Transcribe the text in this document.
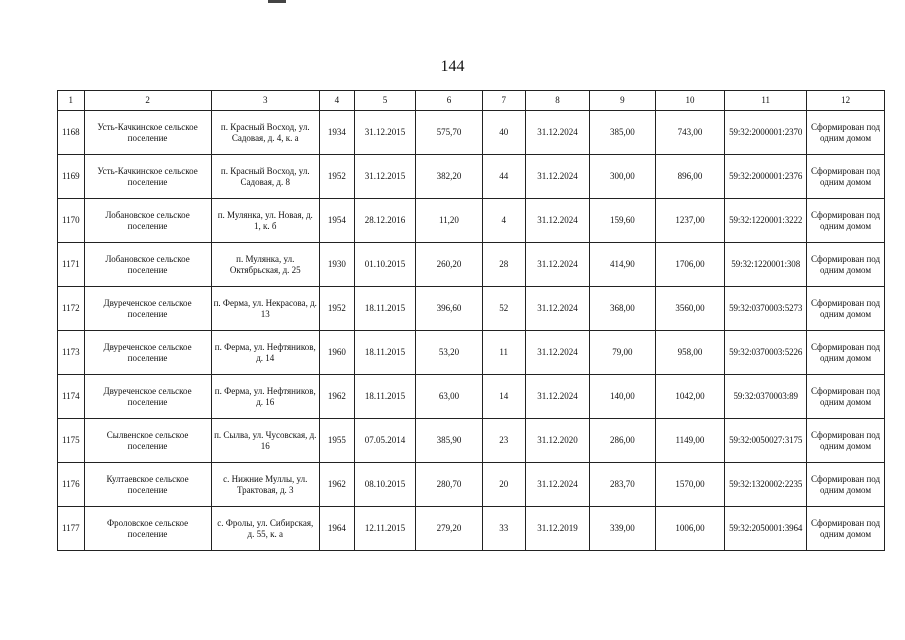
144
1	2	3	4	5	6	7	8	9	10	11	12
1168	Усть-Качкинское сельское поселение	п. Красный Восход, ул. Садовая, д. 4, к. а	1934	31.12.2015	575,70	40	31.12.2024	385,00	743,00	59:32:2000001:2370	Сформирован под одним домом
1169	Усть-Качкинское сельское поселение	п. Красный Восход, ул. Садовая, д. 8	1952	31.12.2015	382,20	44	31.12.2024	300,00	896,00	59:32:2000001:2376	Сформирован под одним домом
1170	Лобановское сельское поселение	п. Мулянка, ул. Новая, д. 1, к. б	1954	28.12.2016	11,20	4	31.12.2024	159,60	1237,00	59:32:1220001:3222	Сформирован под одним домом
1171	Лобановское сельское поселение	п. Мулянка, ул. Октябрьская, д. 25	1930	01.10.2015	260,20	28	31.12.2024	414,90	1706,00	59:32:1220001:308	Сформирован под одним домом
1172	Двуреченское сельское поселение	п. Ферма, ул. Некрасова, д. 13	1952	18.11.2015	396,60	52	31.12.2024	368,00	3560,00	59:32:0370003:5273	Сформирован под одним домом
1173	Двуреченское сельское поселение	п. Ферма, ул. Нефтяников, д. 14	1960	18.11.2015	53,20	11	31.12.2024	79,00	958,00	59:32:0370003:5226	Сформирован под одним домом
1174	Двуреченское сельское поселение	п. Ферма, ул. Нефтяников, д. 16	1962	18.11.2015	63,00	14	31.12.2024	140,00	1042,00	59:32:0370003:89	Сформирован под одним домом
1175	Сылвенское сельское поселение	п. Сылва, ул. Чусовская, д. 16	1955	07.05.2014	385,90	23	31.12.2020	286,00	1149,00	59:32:0050027:3175	Сформирован под одним домом
1176	Култаевское сельское поселение	с. Нижние Муллы, ул. Трактовая, д. 3	1962	08.10.2015	280,70	20	31.12.2024	283,70	1570,00	59:32:1320002:2235	Сформирован под одним домом
1177	Фроловское сельское поселение	с. Фролы, ул. Сибирская, д. 55, к. а	1964	12.11.2015	279,20	33	31.12.2019	339,00	1006,00	59:32:2050001:3964	Сформирован под одним домом
